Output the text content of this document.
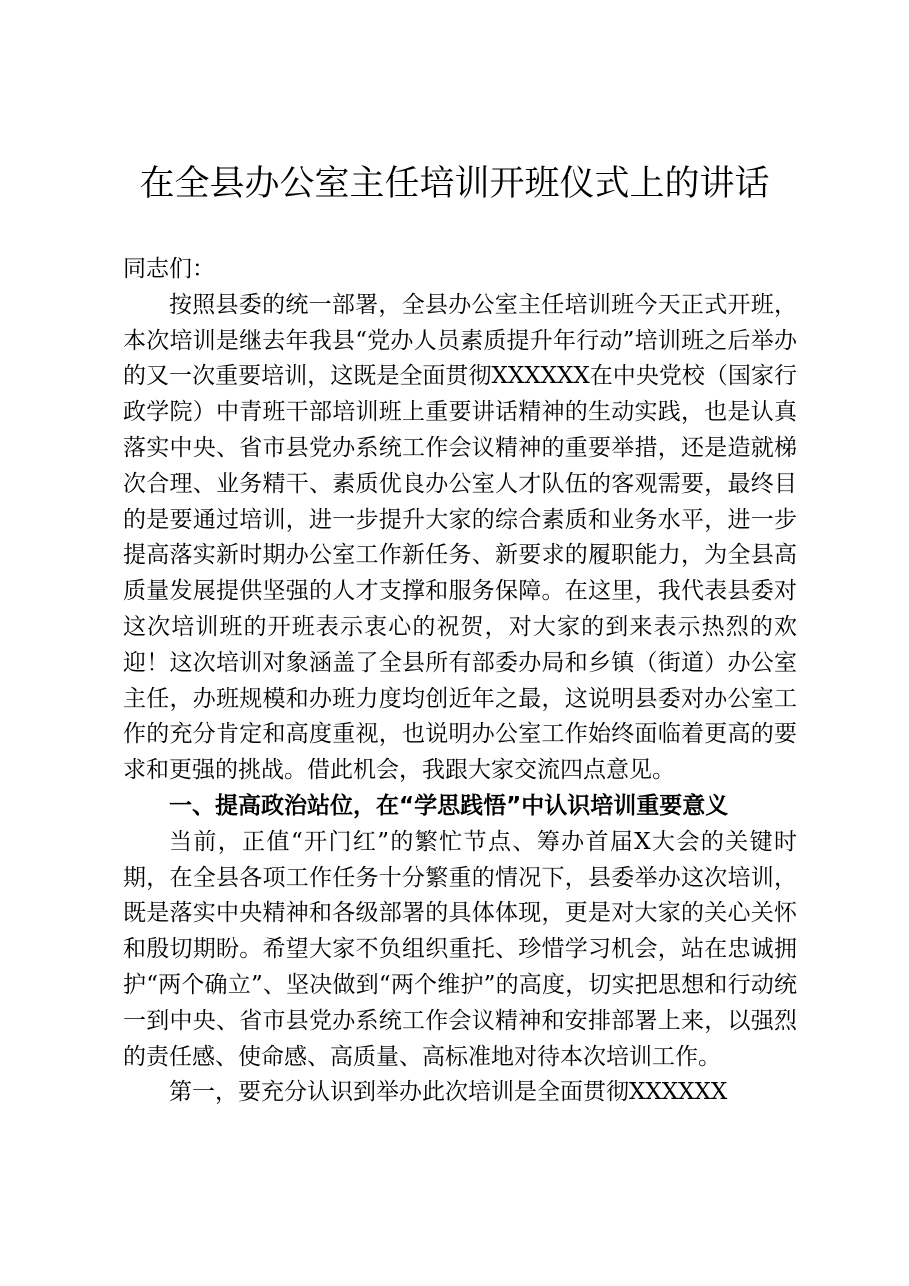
在全县办公室主任培训开班仪式上的讲话

同志们：

按照县委的统一部署，全县办公室主任培训班今天正式开班，本次培训是继去年我县“党办人员素质提升年行动”培训班之后举办的又一次重要培训，这既是全面贯彻XXXXXX在中央党校（国家行政学院）中青班干部培训班上重要讲话精神的生动实践，也是认真落实中央、省市县党办系统工作会议精神的重要举措，还是造就梯次合理、业务精干、素质优良办公室人才队伍的客观需要，最终目的是要通过培训，进一步提升大家的综合素质和业务水平，进一步提高落实新时期办公室工作新任务、新要求的履职能力，为全县高质量发展提供坚强的人才支撑和服务保障。在这里，我代表县委对这次培训班的开班表示衷心的祝贺，对大家的到来表示热烈的欢迎！这次培训对象涵盖了全县所有部委办局和乡镇（街道）办公室主任，办班规模和办班力度均创近年之最，这说明县委对办公室工作的充分肯定和高度重视，也说明办公室工作始终面临着更高的要求和更强的挑战。借此机会，我跟大家交流四点意见。

一、提高政治站位，在“学思践悟”中认识培训重要意义

当前，正值“开门红”的繁忙节点、筹办首届X大会的关键时期，在全县各项工作任务十分繁重的情况下，县委举办这次培训，既是落实中央精神和各级部署的具体体现，更是对大家的关心关怀和殷切期盼。希望大家不负组织重托、珍惜学习机会，站在忠诚拥护“两个确立”、坚决做到“两个维护”的高度，切实把思想和行动统一到中央、省市县党办系统工作会议精神和安排部署上来，以强烈的责任感、使命感、高质量、高标准地对待本次培训工作。

第一，要充分认识到举办此次培训是全面贯彻XXXXXX
